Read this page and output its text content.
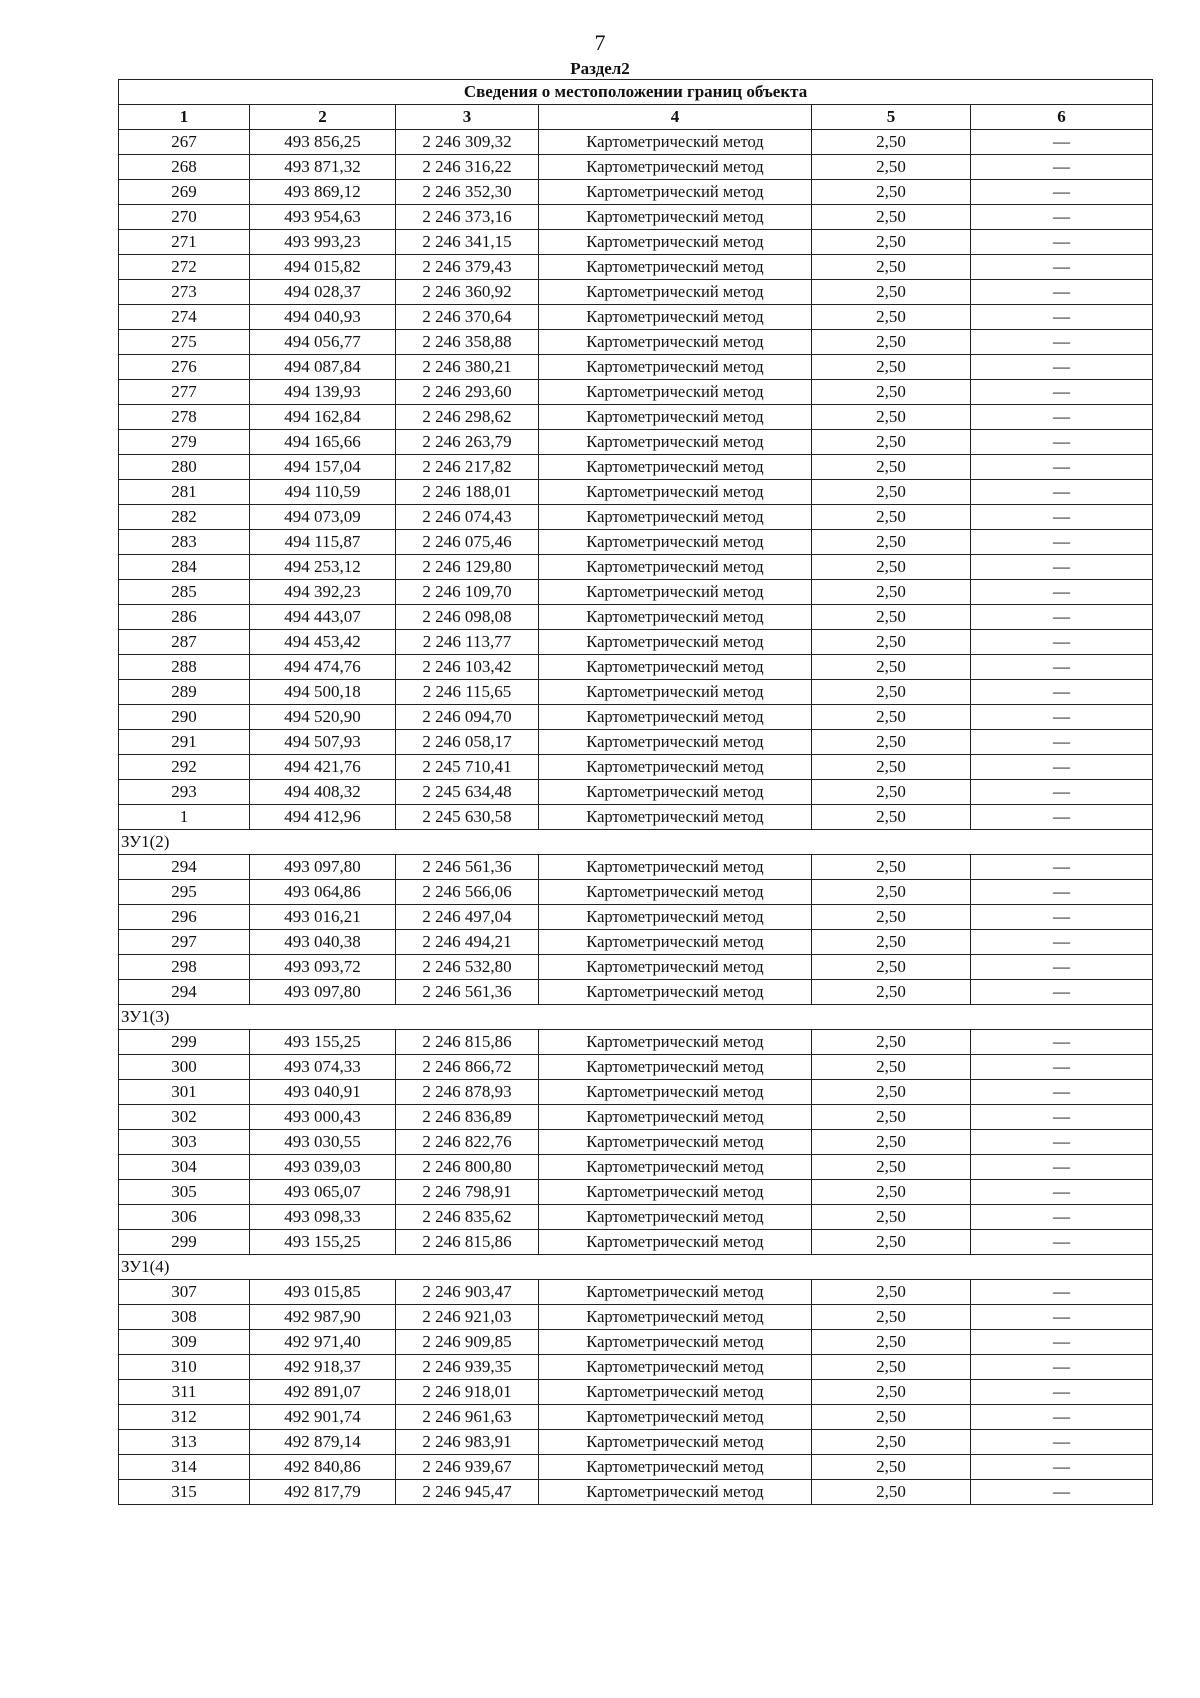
7
Раздел2
Сведения о местоположении границ объекта					
1	2	3	4	5	6
267	493 856,25	2 246 309,32	Картометрический метод	2,50	—
268	493 871,32	2 246 316,22	Картометрический метод	2,50	—
269	493 869,12	2 246 352,30	Картометрический метод	2,50	—
270	493 954,63	2 246 373,16	Картометрический метод	2,50	—
271	493 993,23	2 246 341,15	Картометрический метод	2,50	—
272	494 015,82	2 246 379,43	Картометрический метод	2,50	—
273	494 028,37	2 246 360,92	Картометрический метод	2,50	—
274	494 040,93	2 246 370,64	Картометрический метод	2,50	—
275	494 056,77	2 246 358,88	Картометрический метод	2,50	—
276	494 087,84	2 246 380,21	Картометрический метод	2,50	—
277	494 139,93	2 246 293,60	Картометрический метод	2,50	—
278	494 162,84	2 246 298,62	Картометрический метод	2,50	—
279	494 165,66	2 246 263,79	Картометрический метод	2,50	—
280	494 157,04	2 246 217,82	Картометрический метод	2,50	—
281	494 110,59	2 246 188,01	Картометрический метод	2,50	—
282	494 073,09	2 246 074,43	Картометрический метод	2,50	—
283	494 115,87	2 246 075,46	Картометрический метод	2,50	—
284	494 253,12	2 246 129,80	Картометрический метод	2,50	—
285	494 392,23	2 246 109,70	Картометрический метод	2,50	—
286	494 443,07	2 246 098,08	Картометрический метод	2,50	—
287	494 453,42	2 246 113,77	Картометрический метод	2,50	—
288	494 474,76	2 246 103,42	Картометрический метод	2,50	—
289	494 500,18	2 246 115,65	Картометрический метод	2,50	—
290	494 520,90	2 246 094,70	Картометрический метод	2,50	—
291	494 507,93	2 246 058,17	Картометрический метод	2,50	—
292	494 421,76	2 245 710,41	Картометрический метод	2,50	—
293	494 408,32	2 245 634,48	Картометрический метод	2,50	—
1	494 412,96	2 245 630,58	Картометрический метод	2,50	—
ЗУ1(2)					
294	493 097,80	2 246 561,36	Картометрический метод	2,50	—
295	493 064,86	2 246 566,06	Картометрический метод	2,50	—
296	493 016,21	2 246 497,04	Картометрический метод	2,50	—
297	493 040,38	2 246 494,21	Картометрический метод	2,50	—
298	493 093,72	2 246 532,80	Картометрический метод	2,50	—
294	493 097,80	2 246 561,36	Картометрический метод	2,50	—
ЗУ1(3)					
299	493 155,25	2 246 815,86	Картометрический метод	2,50	—
300	493 074,33	2 246 866,72	Картометрический метод	2,50	—
301	493 040,91	2 246 878,93	Картометрический метод	2,50	—
302	493 000,43	2 246 836,89	Картометрический метод	2,50	—
303	493 030,55	2 246 822,76	Картометрический метод	2,50	—
304	493 039,03	2 246 800,80	Картометрический метод	2,50	—
305	493 065,07	2 246 798,91	Картометрический метод	2,50	—
306	493 098,33	2 246 835,62	Картометрический метод	2,50	—
299	493 155,25	2 246 815,86	Картометрический метод	2,50	—
ЗУ1(4)					
307	493 015,85	2 246 903,47	Картометрический метод	2,50	—
308	492 987,90	2 246 921,03	Картометрический метод	2,50	—
309	492 971,40	2 246 909,85	Картометрический метод	2,50	—
310	492 918,37	2 246 939,35	Картометрический метод	2,50	—
311	492 891,07	2 246 918,01	Картометрический метод	2,50	—
312	492 901,74	2 246 961,63	Картометрический метод	2,50	—
313	492 879,14	2 246 983,91	Картометрический метод	2,50	—
314	492 840,86	2 246 939,67	Картометрический метод	2,50	—
315	492 817,79	2 246 945,47	Картометрический метод	2,50	—
